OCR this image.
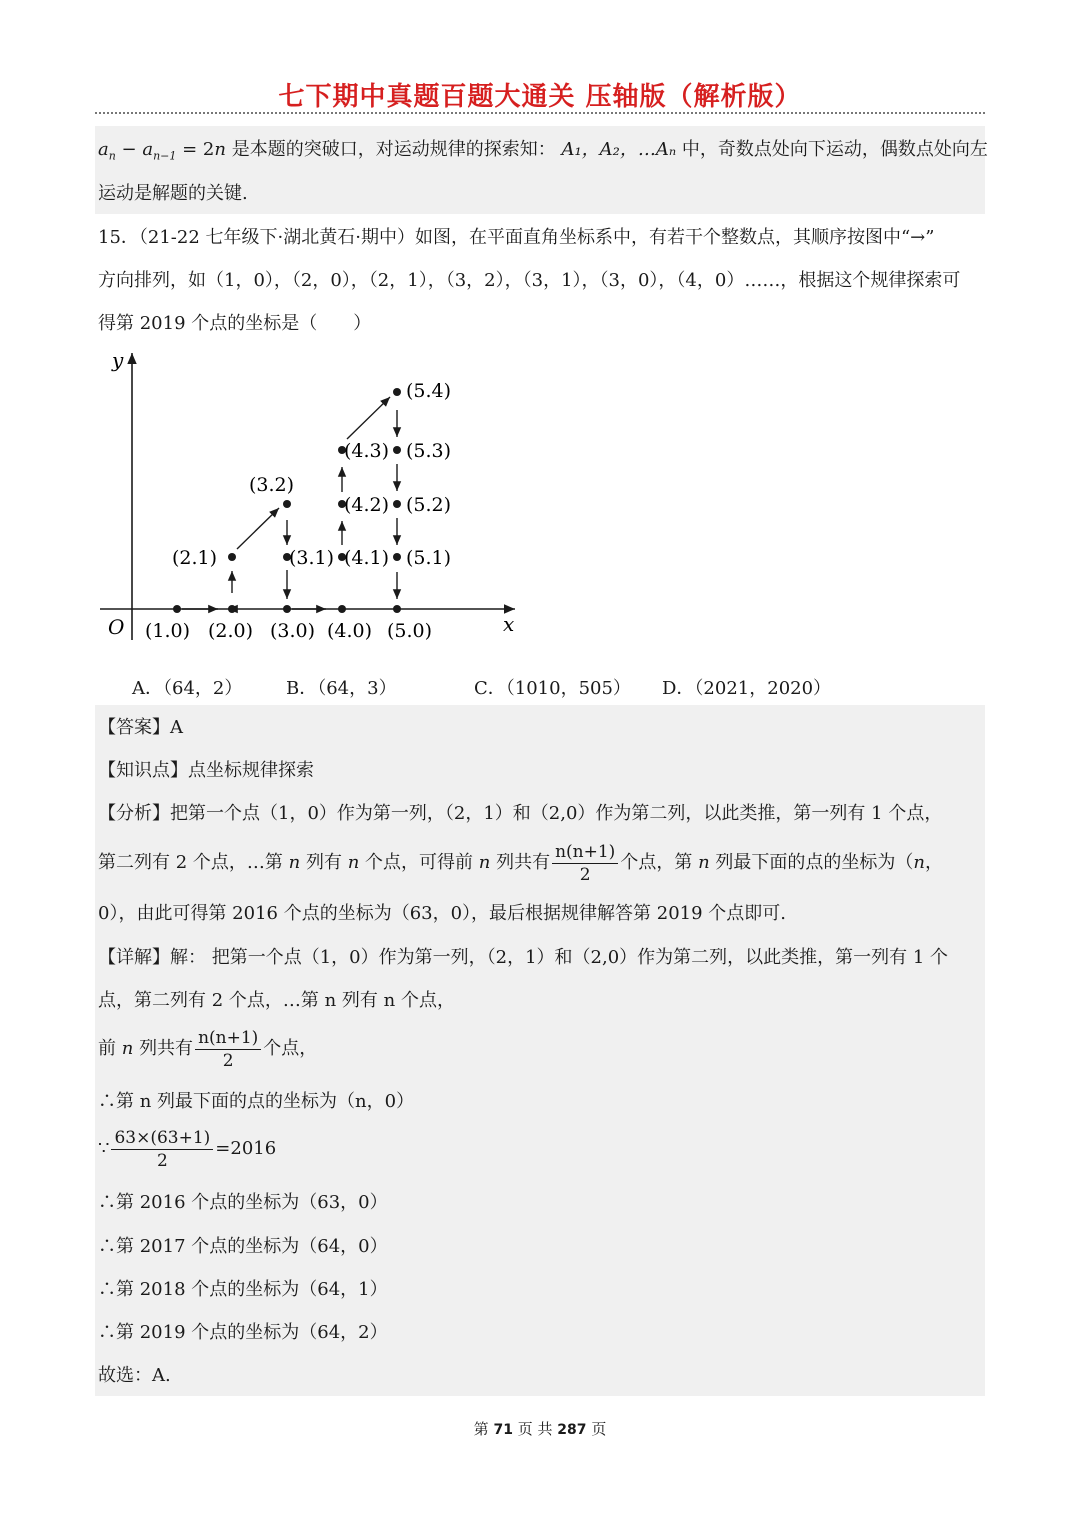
七下期中真题百题大通关 压轴版（解析版）
$a_n - a_{n-1} = 2n$ 是本题的突破口，对运动规律的探索知： A₁，A₂，…Aₙ 中，奇数点处向下运动，偶数点处向左
运动是解题的关键.
15．（21-22 七年级下·湖北黄石·期中）如图，在平面直角坐标系中，有若干个整数点，其顺序按图中“→”
方向排列，如（1，0），（2，0），（2，1），（3，2），（3，1），（3，0），（4，0）……，根据这个规律探索可
得第 2019 个点的坐标是（　　）
y
x
O (1.0) (2.0) (3.0) (4.0) (5.0)
(2.1)	(3.1) (4.1) (5.1)
(3.2)
(4.2) (5.2)
(4.3) (5.3)
(5.4)
A．（64，2） B．（64，3）	C．（1010，505） D．（2021，2020）
【答案】A
【知识点】点坐标规律探索
【分析】把第一个点（1，0）作为第一列，（2，1）和（2,0）作为第二列，以此类推，第一列有 1 个点，
第二列有 2 个点，…第 n 列有 n 个点，可得前 n 列共有 $\frac{n(n+1)}{2}$ 个点，第 n 列最下面的点的坐标为（n，
0），由此可得第 2016 个点的坐标为（63，0），最后根据规律解答第 2019 个点即可.
【详解】解： 把第一个点（1，0）作为第一列，（2，1）和（2,0）作为第二列，以此类推，第一列有 1 个
点，第二列有 2 个点，…第 n 列有 n 个点，
前 n 列共有 $\frac{n(n+1)}{2}$ 个点，
∴第 n 列最下面的点的坐标为（n，0）
∵ $\frac{63\times(63+1)}{2} =2016$
∴第 2016 个点的坐标为（63，0）
∴第 2017 个点的坐标为（64，0）
∴第 2018 个点的坐标为（64，1）
∴第 2019 个点的坐标为（64，2）
故选：A.
第 71 页 共 287 页
